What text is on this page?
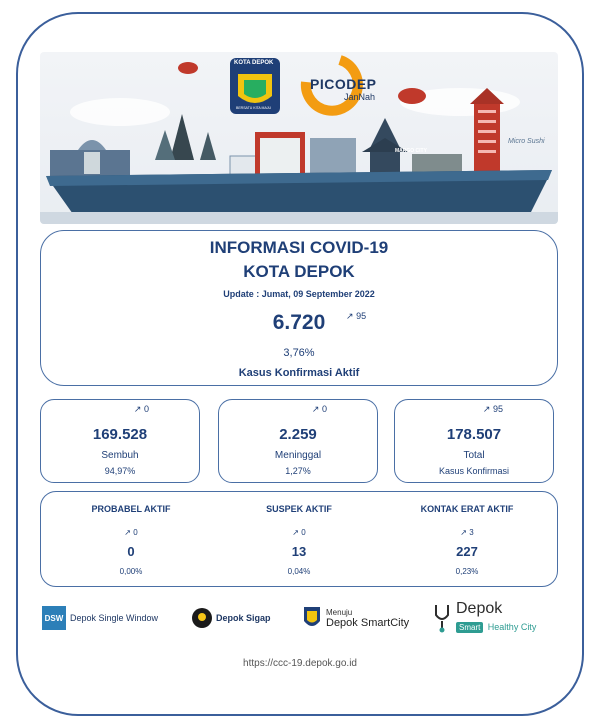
KOTA DEPOK
BERSATU KITA MAJU
PICODEP
JanNah
MARGO CITY
Micro Sushi
INFORMASI COVID-19
KOTA DEPOK
Update : Jumat, 09 September 2022
6.720	↗ 95
3,76%
Kasus Konfirmasi Aktif
↗ 0
169.528
Sembuh
94,97%
↗ 0
2.259
Meninggal
1,27%
↗ 95
178.507
Total
Kasus Konfirmasi
PROBABEL AKTIF
↗ 0
0
0,00%
SUSPEK AKTIF
↗ 0
13
0,04%
KONTAK ERAT AKTIF
↗ 3
227
0,23%
DSW Depok Single Window	Depok Sigap
Menuju
Depok SmartCity
Depok
Smart Healthy City
https://ccc-19.depok.go.id
